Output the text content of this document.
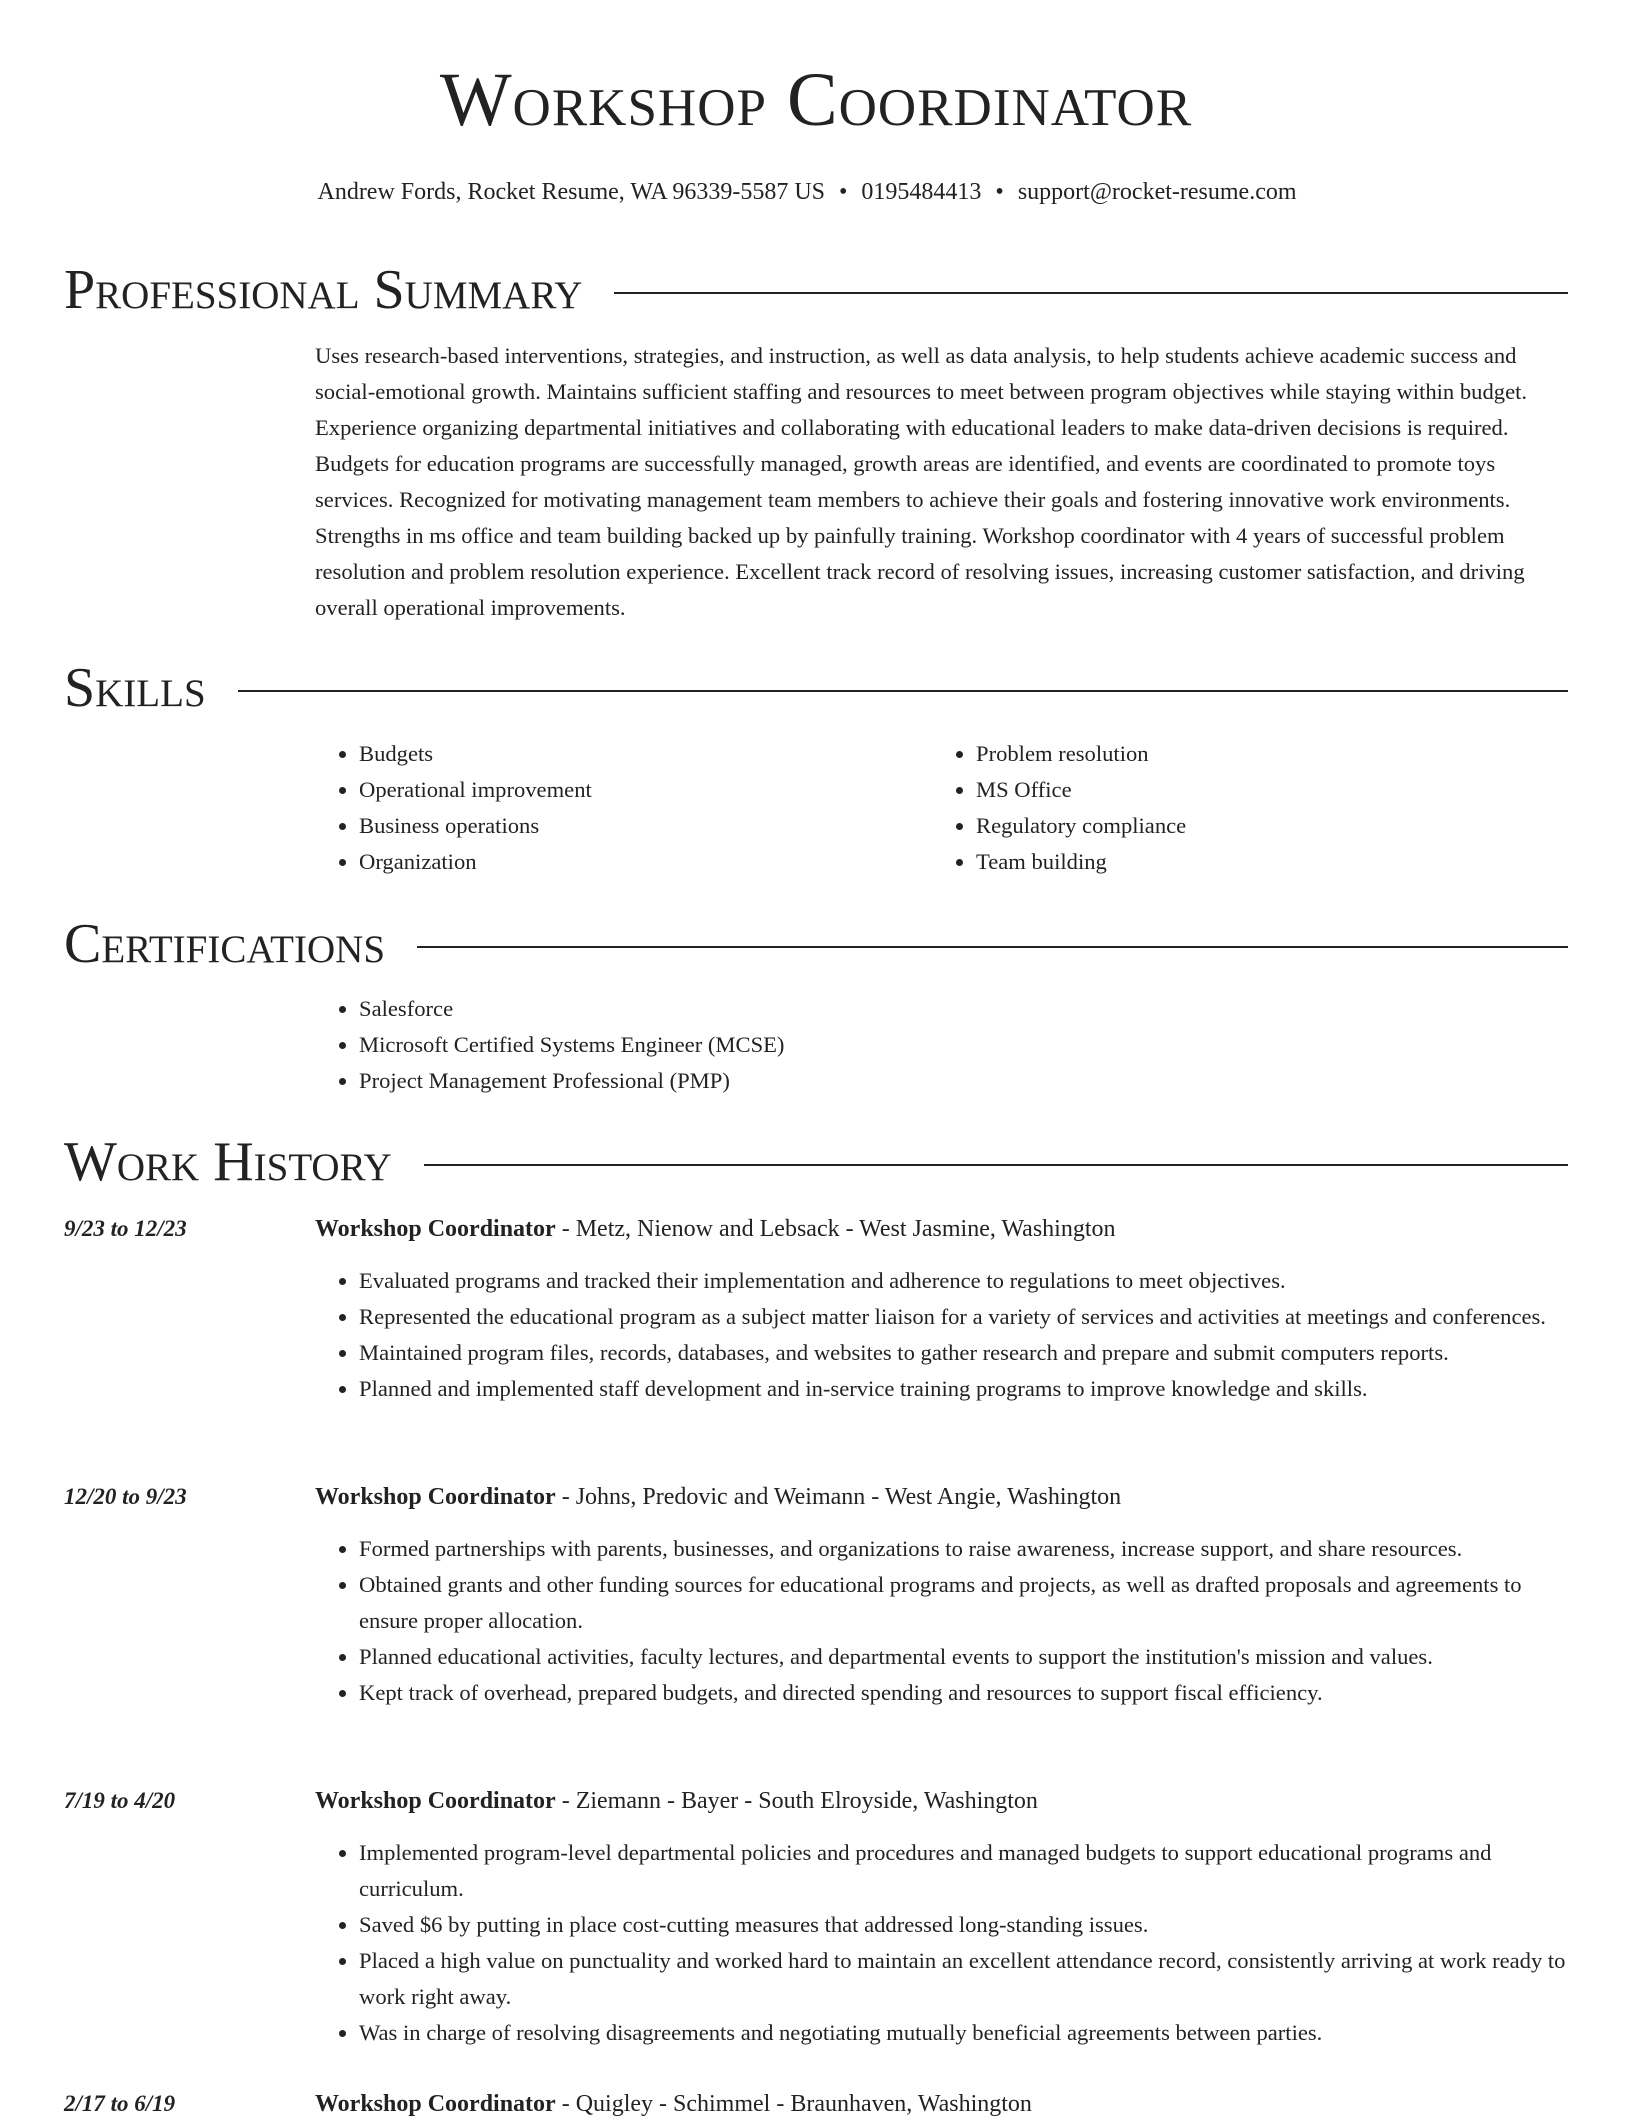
Workshop Coordinator
Andrew Fords, Rocket Resume, WA 96339-5587 US • 0195484413 • support@rocket-resume.com
Professional Summary
Uses research-based interventions, strategies, and instruction, as well as data analysis, to help students achieve academic success and social-emotional growth. Maintains sufficient staffing and resources to meet between program objectives while staying within budget. Experience organizing departmental initiatives and collaborating with educational leaders to make data-driven decisions is required. Budgets for education programs are successfully managed, growth areas are identified, and events are coordinated to promote toys services. Recognized for motivating management team members to achieve their goals and fostering innovative work environments. Strengths in ms office and team building backed up by painfully training. Workshop coordinator with 4 years of successful problem resolution and problem resolution experience. Excellent track record of resolving issues, increasing customer satisfaction, and driving overall operational improvements.
Skills
• Budgets
• Operational improvement
• Business operations
• Organization
• Problem resolution
• MS Office
• Regulatory compliance
• Team building
Certifications
• Salesforce
• Microsoft Certified Systems Engineer (MCSE)
• Project Management Professional (PMP)
Work History
9/23 to 12/23	Workshop Coordinator - Metz, Nienow and Lebsack - West Jasmine, Washington
• Evaluated programs and tracked their implementation and adherence to regulations to meet objectives.
• Represented the educational program as a subject matter liaison for a variety of services and activities at meetings and conferences.
• Maintained program files, records, databases, and websites to gather research and prepare and submit computers reports.
• Planned and implemented staff development and in-service training programs to improve knowledge and skills.
12/20 to 9/23	Workshop Coordinator - Johns, Predovic and Weimann - West Angie, Washington
• Formed partnerships with parents, businesses, and organizations to raise awareness, increase support, and share resources.
• Obtained grants and other funding sources for educational programs and projects, as well as drafted proposals and agreements to ensure proper allocation.
• Planned educational activities, faculty lectures, and departmental events to support the institution's mission and values.
• Kept track of overhead, prepared budgets, and directed spending and resources to support fiscal efficiency.
7/19 to 4/20	Workshop Coordinator - Ziemann - Bayer - South Elroyside, Washington
• Implemented program-level departmental policies and procedures and managed budgets to support educational programs and curriculum.
• Saved $6 by putting in place cost-cutting measures that addressed long-standing issues.
• Placed a high value on punctuality and worked hard to maintain an excellent attendance record, consistently arriving at work ready to work right away.
• Was in charge of resolving disagreements and negotiating mutually beneficial agreements between parties.
2/17 to 6/19	Workshop Coordinator - Quigley - Schimmel - Braunhaven, Washington
